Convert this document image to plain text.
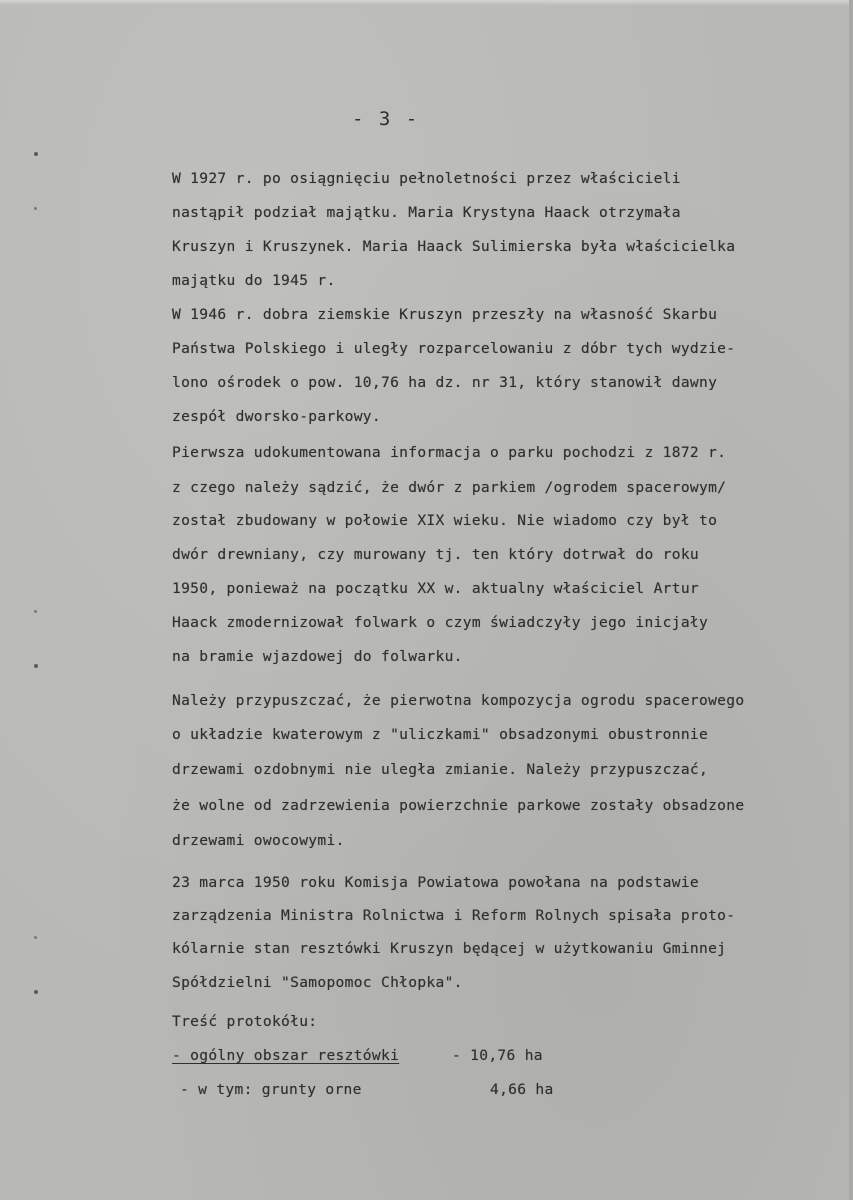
- 3 -
W 1927 r. po osiągnięciu pełnoletności przez właścicieli
nastąpił podział majątku. Maria Krystyna Haack otrzymała
Kruszyn i Kruszynek. Maria Haack Sulimierska była właścicielka
majątku do 1945 r.
W 1946 r. dobra ziemskie Kruszyn przeszły na własność Skarbu
Państwa Polskiego i uległy rozparcelowaniu z dóbr tych wydzie-
lono ośrodek o pow. 10,76 ha dz. nr 31, który stanowił dawny
zespół dworsko-parkowy.
Pierwsza udokumentowana informacja o parku pochodzi z 1872 r.
z czego należy sądzić, że dwór z parkiem /ogrodem spacerowym/
został zbudowany w połowie XIX wieku. Nie wiadomo czy był to
dwór drewniany, czy murowany tj. ten który dotrwał do roku
1950, ponieważ na początku XX w. aktualny właściciel Artur
Haack zmodernizował folwark o czym świadczyły jego inicjały
na bramie wjazdowej do folwarku.
Należy przypuszczać, że pierwotna kompozycja ogrodu spacerowego
o układzie kwaterowym z "uliczkami" obsadzonymi obustronnie
drzewami ozdobnymi nie uległa zmianie. Należy przypuszczać,
że wolne od zadrzewienia powierzchnie parkowe zostały obsadzone
drzewami owocowymi.
23 marca 1950 roku Komisja Powiatowa powołana na podstawie
zarządzenia Ministra Rolnictwa i Reform Rolnych spisała proto-
kólarnie stan resztówki Kruszyn będącej w użytkowaniu Gminnej
Spółdzielni "Samopomoc Chłopka".
Treść protokółu:
- ogólny obszar resztówki	- 10,76 ha
- w tym: grunty orne	4,66 ha
